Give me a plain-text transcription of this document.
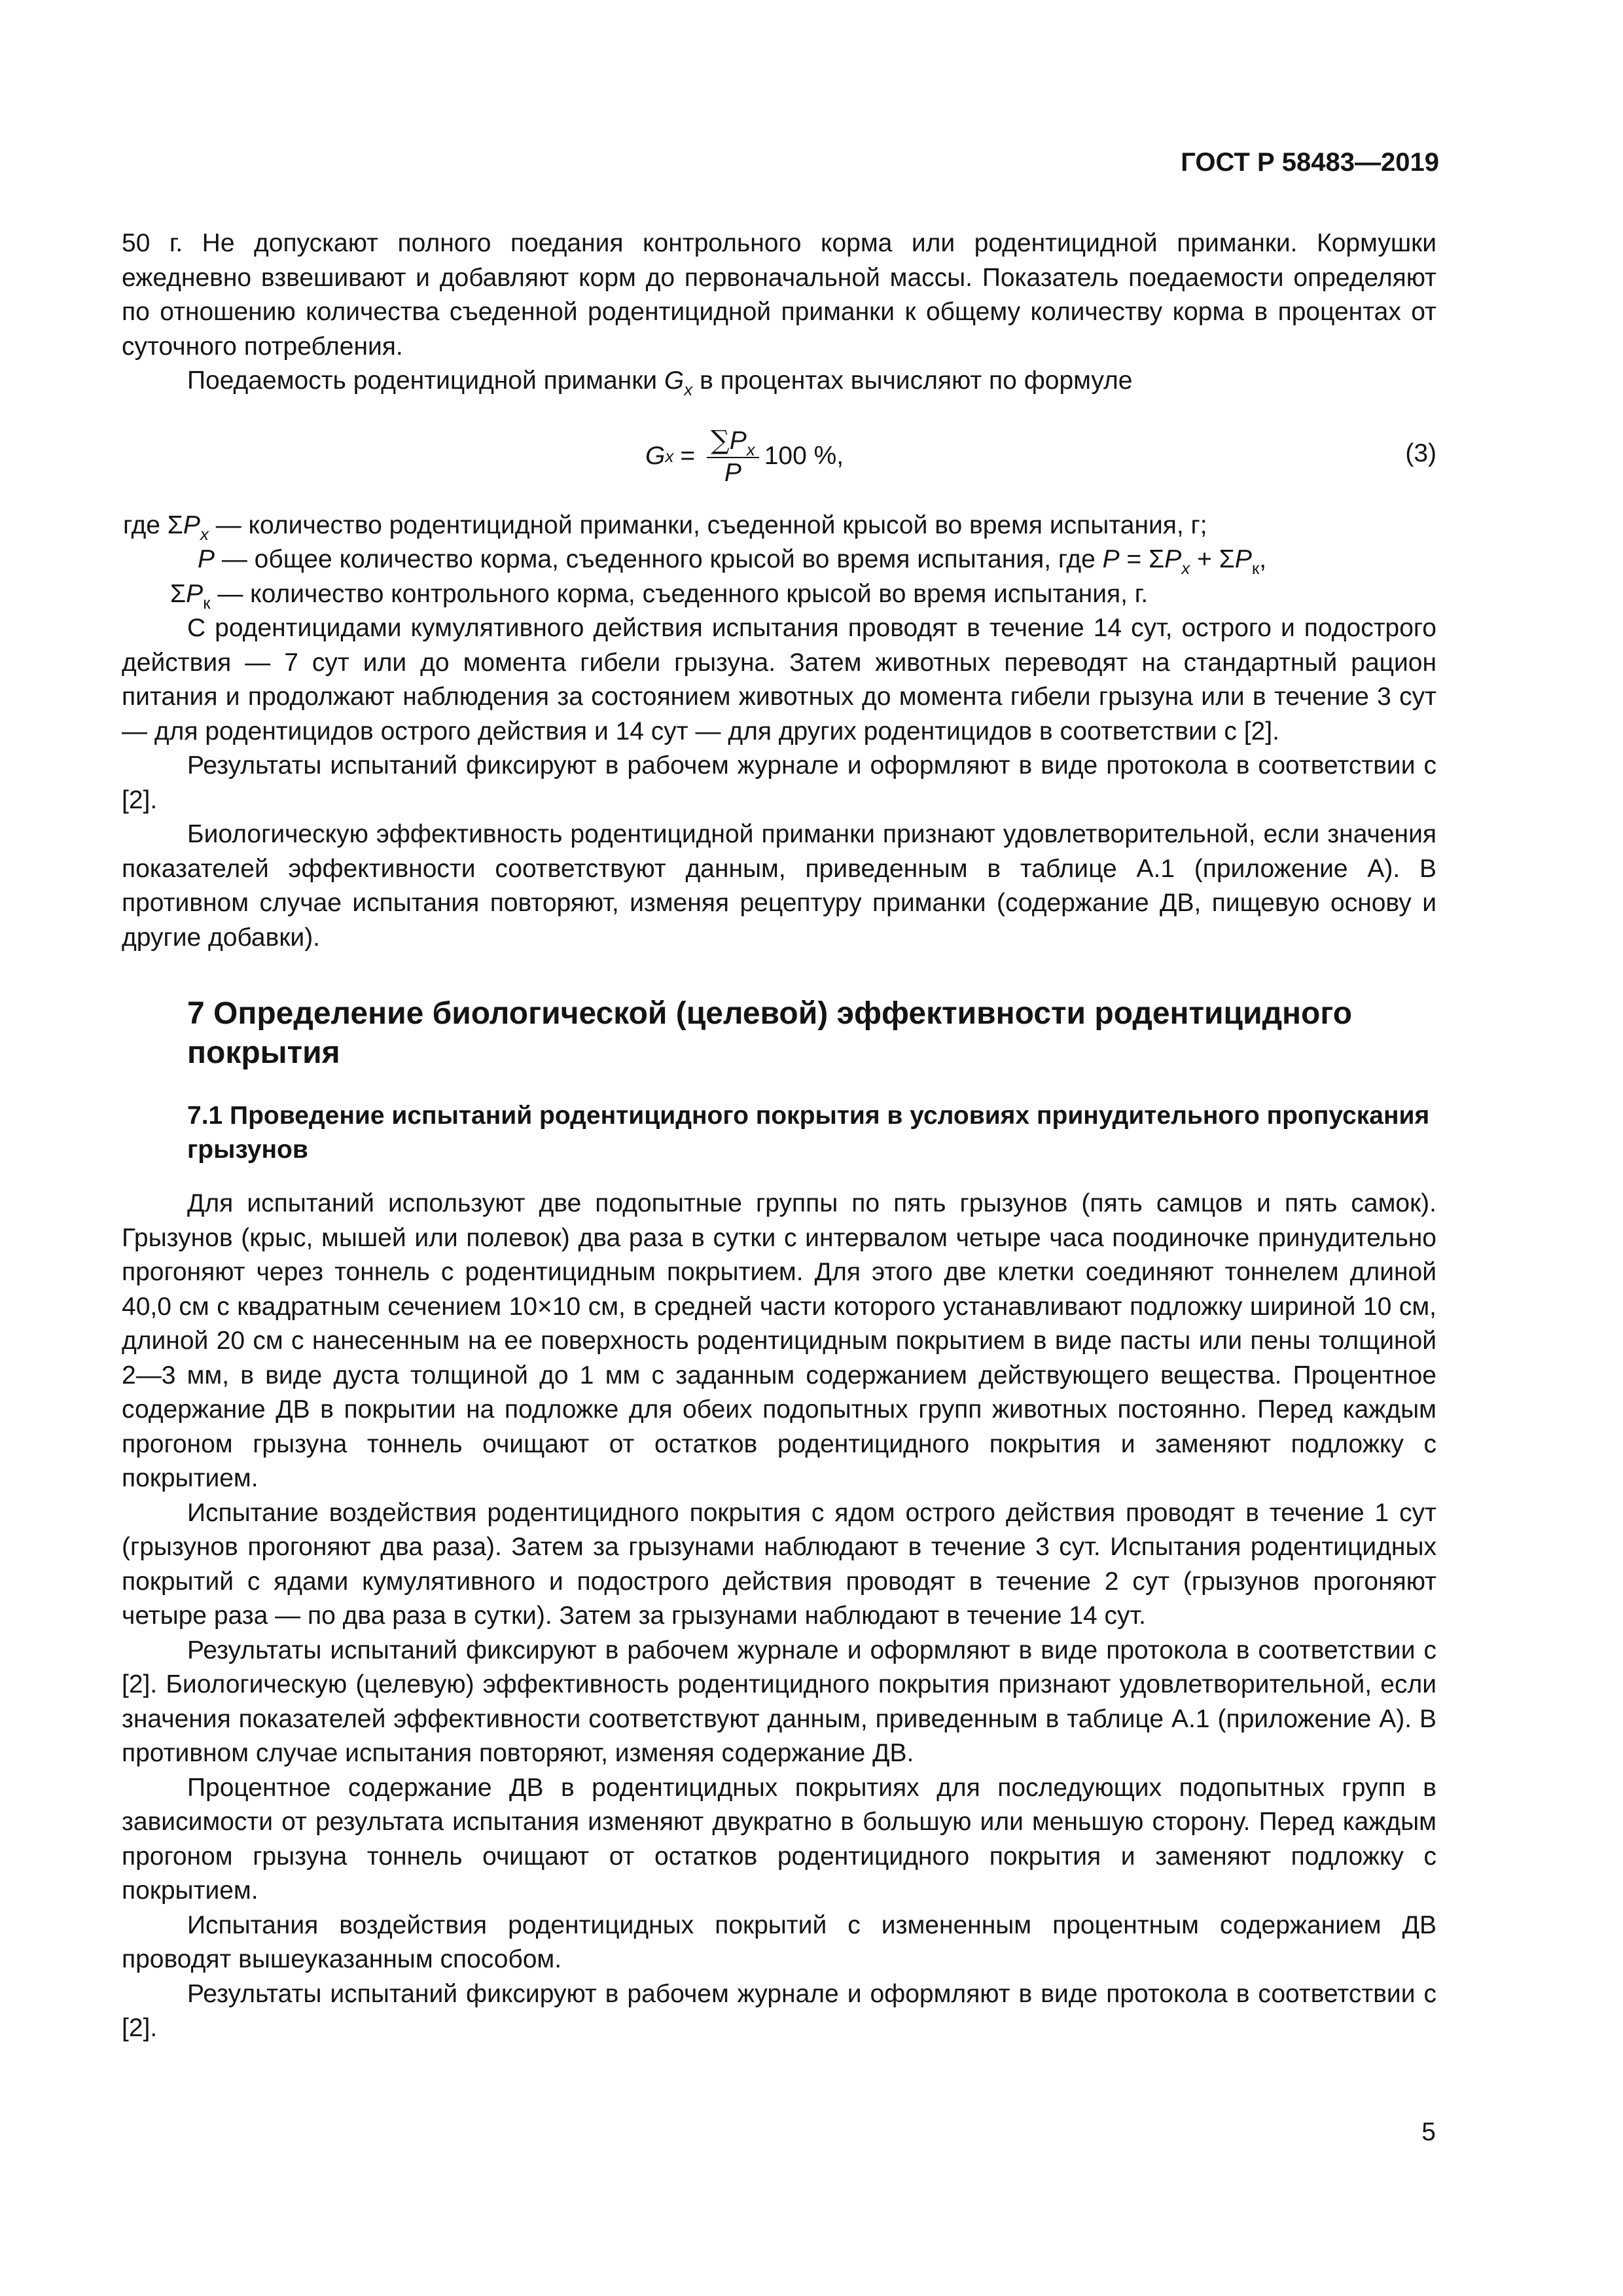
ГОСТ Р 58483—2019

50 г. Не допускают полного поедания контрольного корма или родентицидной приманки. Кормушки ежедневно взвешивают и добавляют корм до первоначальной массы. Показатель поедаемости определяют по отношению количества съеденной родентицидной приманки к общему количеству корма в процентах от суточного потребления.

Поедаемость родентицидной приманки $G_x$ в процентах вычисляют по формуле

G $x = \frac{\sum P_x}{P} 100$ %,	(3)

где $\Sigma P_x$ — количество родентицидной приманки, съеденной крысой во время испытания, г;

P — общее количество корма, съеденного крысой во время испытания, где $P = \Sigma P_x + \Sigma P_к$,

$\Sigma P_к$ — количество контрольного корма, съеденного крысой во время испытания, г.

С родентицидами кумулятивного действия испытания проводят в течение 14 сут, острого и подострого действия — 7 сут или до момента гибели грызуна. Затем животных переводят на стандартный рацион питания и продолжают наблюдения за состоянием животных до момента гибели грызуна или в течение 3 сут — для родентицидов острого действия и 14 сут — для других родентицидов в соответствии с [2].

Результаты испытаний фиксируют в рабочем журнале и оформляют в виде протокола в соответствии с [2].

Биологическую эффективность родентицидной приманки признают удовлетворительной, если значения показателей эффективности соответствуют данным, приведенным в таблице А.1 (приложение А). В противном случае испытания повторяют, изменяя рецептуру приманки (содержание ДВ, пищевую основу и другие добавки).

7 Определение биологической (целевой) эффективности родентицидного покрытия
7.1 Проведение испытаний родентицидного покрытия в условиях принудительного пропускания грызунов

Для испытаний используют две подопытные группы по пять грызунов (пять самцов и пять самок). Грызунов (крыс, мышей или полевок) два раза в сутки с интервалом четыре часа поодиночке принудительно прогоняют через тоннель с родентицидным покрытием. Для этого две клетки соединяют тоннелем длиной 40,0 см с квадратным сечением 10×10 см, в средней части которого устанавливают подложку шириной 10 см, длиной 20 см с нанесенным на ее поверхность родентицидным покрытием в виде пасты или пены толщиной 2—3 мм, в виде дуста толщиной до 1 мм с заданным содержанием действующего вещества. Процентное содержание ДВ в покрытии на подложке для обеих подопытных групп животных постоянно. Перед каждым прогоном грызуна тоннель очищают от остатков родентицидного покрытия и заменяют подложку с покрытием.

Испытание воздействия родентицидного покрытия с ядом острого действия проводят в течение 1 сут (грызунов прогоняют два раза). Затем за грызунами наблюдают в течение 3 сут. Испытания родентицидных покрытий с ядами кумулятивного и подострого действия проводят в течение 2 сут (грызунов прогоняют четыре раза — по два раза в сутки). Затем за грызунами наблюдают в течение 14 сут.

Результаты испытаний фиксируют в рабочем журнале и оформляют в виде протокола в соответствии с [2]. Биологическую (целевую) эффективность родентицидного покрытия признают удовлетворительной, если значения показателей эффективности соответствуют данным, приведенным в таблице А.1 (приложение А). В противном случае испытания повторяют, изменяя содержание ДВ.

Процентное содержание ДВ в родентицидных покрытиях для последующих подопытных групп в зависимости от результата испытания изменяют двукратно в большую или меньшую сторону. Перед каждым прогоном грызуна тоннель очищают от остатков родентицидного покрытия и заменяют подложку с покрытием.

Испытания воздействия родентицидных покрытий с измененным процентным содержанием ДВ проводят вышеуказанным способом.

Результаты испытаний фиксируют в рабочем журнале и оформляют в виде протокола в соответствии с [2].

5
